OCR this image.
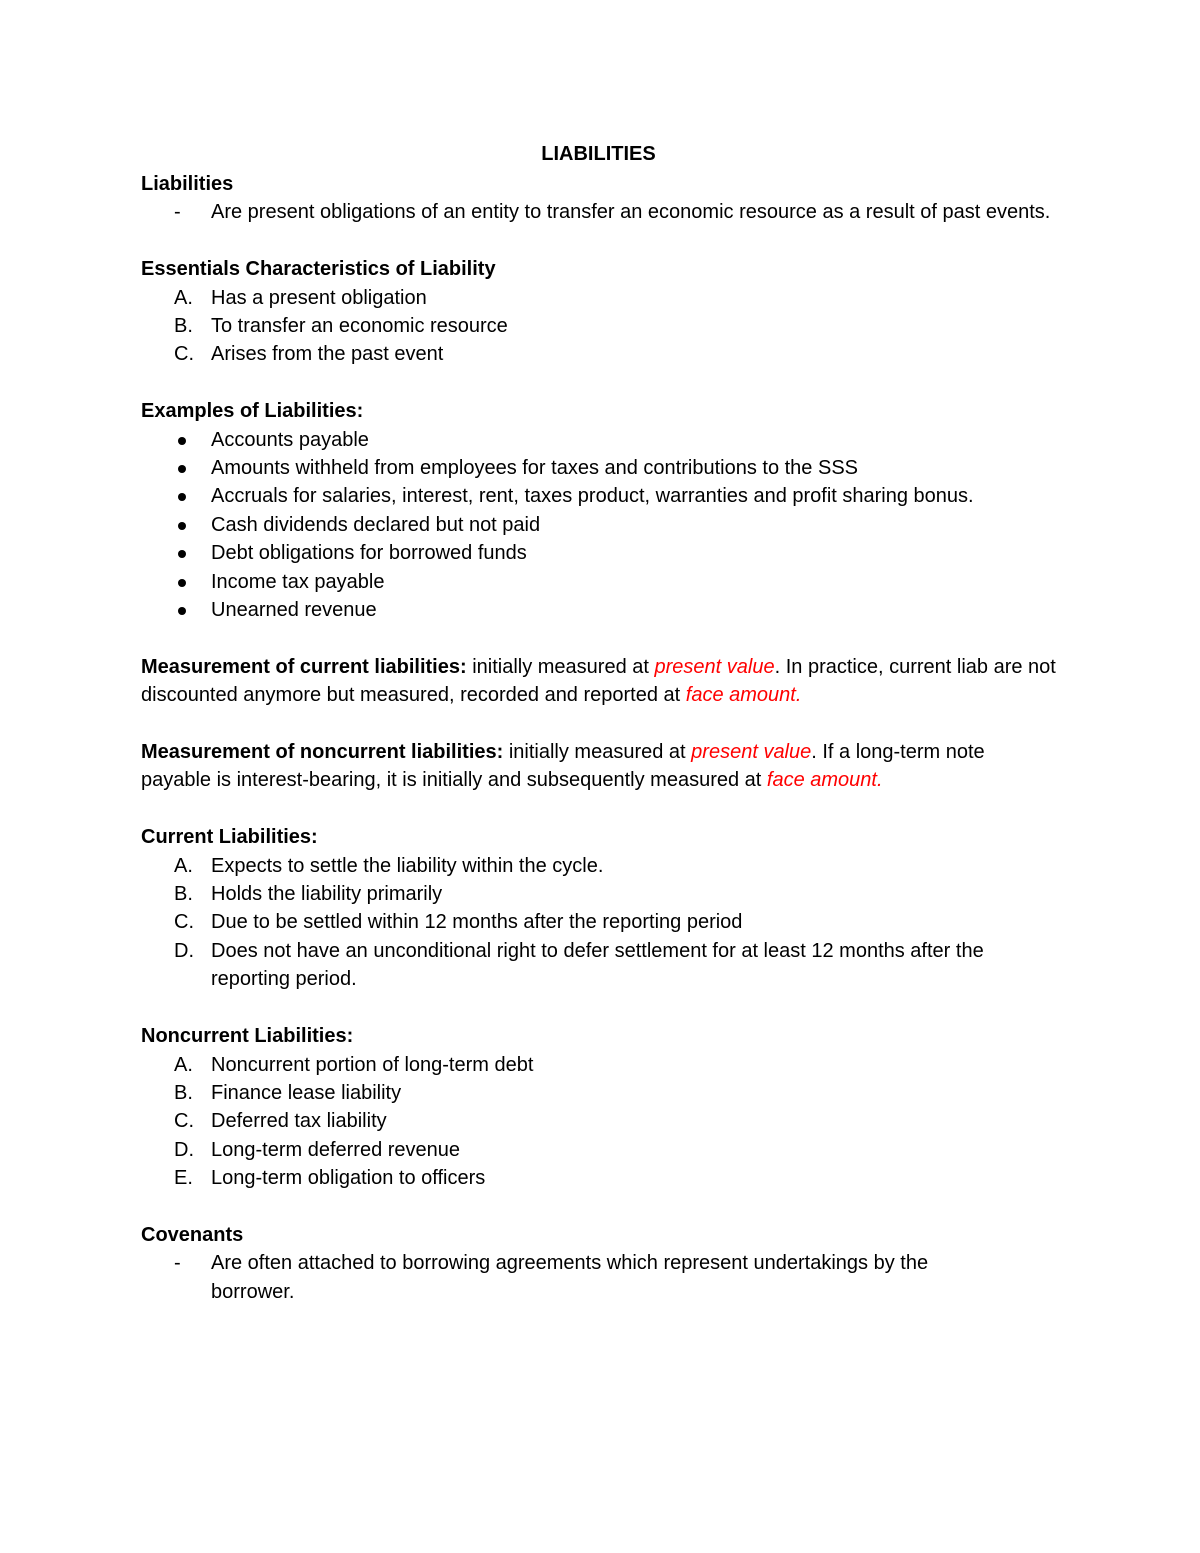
LIABILITIES
Liabilities
-	Are present obligations of an entity to transfer an economic resource as a result of past events.
Essentials Characteristics of Liability
A. Has a present obligation
B. To transfer an economic resource
C. Arises from the past event
Examples of Liabilities:
Accounts payable
Amounts withheld from employees for taxes and contributions to the SSS
Accruals for salaries, interest, rent, taxes product, warranties and profit sharing bonus.
Cash dividends declared but not paid
Debt obligations for borrowed funds
Income tax payable
Unearned revenue
Measurement of current liabilities: initially measured at present value. In practice, current liab are not discounted anymore but measured, recorded and reported at face amount.
Measurement of noncurrent liabilities: initially measured at present value. If a long-term note payable is interest-bearing, it is initially and subsequently measured at face amount.
Current Liabilities:
A. Expects to settle the liability within the cycle.
B. Holds the liability primarily
C. Due to be settled within 12 months after the reporting period
D. Does not have an unconditional right to defer settlement for at least 12 months after the reporting period.
Noncurrent Liabilities:
A. Noncurrent portion of long-term debt
B. Finance lease liability
C. Deferred tax liability
D. Long-term deferred revenue
E. Long-term obligation to officers
Covenants
-	Are often attached to borrowing agreements which represent undertakings by the borrower.
